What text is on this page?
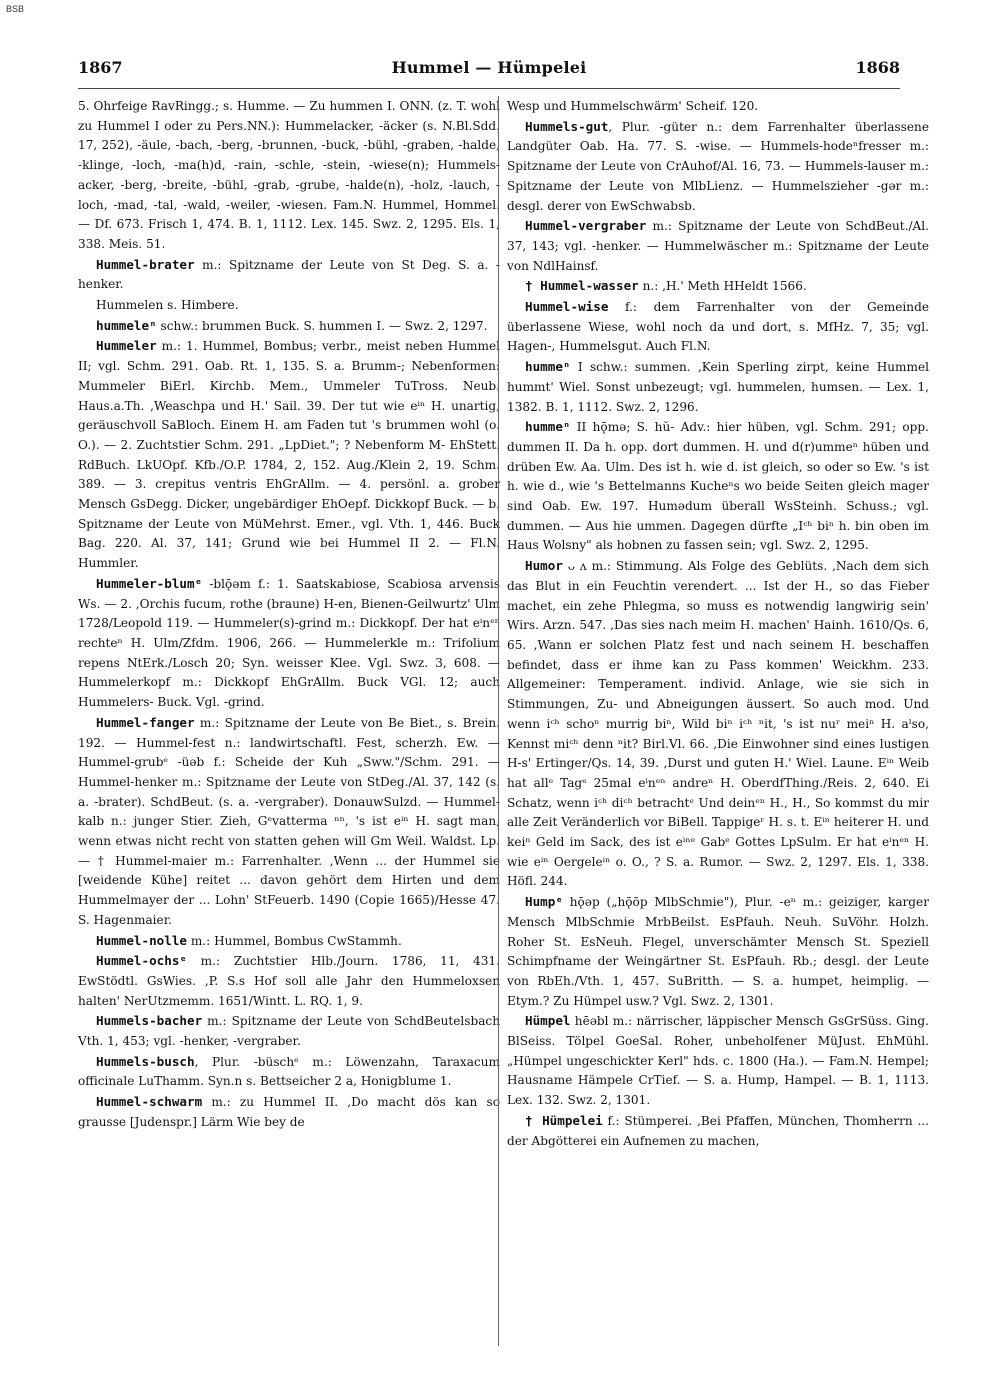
BSB
1867	Hummel — Hümpelei	1868

5. Ohrfeige RavRingg.; s. Humme. — Zu hummen I. ONN. (z. T. wohl zu Hummel I oder zu Pers.NN.): Hummelacker, -äcker (s. N.Bl.Sdd. 17, 252), -äule, -bach, -berg, -brunnen, -buck, -bühl, -graben, -halde, -klinge, -loch, -ma(h)d, -rain, -schle, -stein, -wiese(n); Hummels-acker, -berg, -breite, -bühl, -grab, -grube, -halde(n), -holz, -lauch, -loch, -mad, -tal, -wald, -weiler, -wiesen. Fam.N. Hummel, Hommel. — Df. 673. Frisch 1, 474. B. 1, 1112. Lex. 145. Swz. 2, 1295. Els. 1, 338. Meis. 51.

Hummel-brater m.: Spitzname der Leute von St Deg. S. a. -henker.

Hummelen s. Himbere.

hummeleⁿ schw.: brummen Buck. S. hummen I. — Swz. 2, 1297.

Hummeler m.: 1. Hummel, Bombus; verbr., meist neben Hummel II; vgl. Schm. 291. Oab. Rt. 1, 135. S. a. Brumm-; Nebenformen: Mummeler BiErl. Kirchb. Mem., Ummeler TuTross. Neub. Haus.a.Th. ,Weaschpa und H.' Sail. 39. Der tut wie eⁱⁿ H. unartig, geräuschvoll SaBloch. Einem H. am Faden tut 's brummen wohl (o. O.). — 2. Zuchtstier Schm. 291. „LpDiet."; ? Nebenform M- EhStett. RdBuch. LkUOpf. Kfb./O.P. 1784, 2, 152. Aug./Klein 2, 19. Schm. 389. — 3. crepitus ventris EhGrAllm. — 4. persönl. a. grober Mensch GsDegg. Dicker, ungebärdiger EhOepf. Dickkopf Buck. — b. Spitzname der Leute von MüMehrst. Emer., vgl. Vth. 1, 446. Buck Bag. 220. Al. 37, 141; Grund wie bei Hummel II 2. — Fl.N. Hummler.

Hummeler-blumᵉ -blǭəm f.: 1. Saatskabiose, Scabiosa arvensis Ws. — 2. ,Orchis fucum, rothe (braune) H-en, Bienen-Geilwurtz' Ulm 1728/Leopold 119. — Hummeler(s)-grind m.: Dickkopf. Der hat eⁱnᵉⁿ rechteⁿ H. Ulm/Zfdm. 1906, 266. — Hummelerkle m.: Trifolium repens NtErk./Losch 20; Syn. weisser Klee. Vgl. Swz. 3, 608. — Hummelerkopf m.: Dickkopf EhGrAllm. Buck VGl. 12; auch Hummelers- Buck. Vgl. -grind.

Hummel-fanger m.: Spitzname der Leute von Be Biet., s. Brein. 192. — Hummel-fest n.: landwirtschaftl. Fest, scherzh. Ew. — Hummel-grubᵉ -üəb f.: Scheide der Kuh „Sww."/Schm. 291. — Hummel-henker m.: Spitzname der Leute von StDeg./Al. 37, 142 (s. a. -brater). SchdBeut. (s. a. -vergraber). DonauwSulzd. — Hummel-kalb n.: junger Stier. Zieh, Gᵉvatterma ⁿⁿ, 's ist eⁱⁿ H. sagt man, wenn etwas nicht recht von statten gehen will Gm Weil. Waldst. Lp. — † Hummel-maier m.: Farrenhalter. ,Wenn ... der Hummel sie [weidende Kühe] reitet ... davon gehört dem Hirten und dem Hummelmayer der ... Lohn' StFeuerb. 1490 (Copie 1665)/Hesse 47. S. Hagenmaier.

Hummel-nolle m.: Hummel, Bombus CwStammh.

Hummel-ochsᵉ m.: Zuchtstier Hlb./Journ. 1786, 11, 431. EwStödtl. GsWies. ,P. S.s Hof soll alle Jahr den Hummeloxsen halten' NerUtzmemm. 1651/Wintt. L. RQ. 1, 9.

Hummels-bacher m.: Spitzname der Leute von SchdBeutelsbach Vth. 1, 453; vgl. -henker, -vergraber.

Hummels-busch, Plur. -büschᵉ m.: Löwenzahn, Taraxacum officinale LuThamm. Syn.n s. Bettseicher 2 a, Honigblume 1.

Hummel-schwarm m.: zu Hummel II. ,Do macht dös kan so grausse [Judenspr.] Lärm Wie bey de

Wesp und Hummelschwärm' Scheif. 120.

Hummels-gut, Plur. -güter n.: dem Farrenhalter überlassene Landgüter Oab. Ha. 77. S. -wise. — Hummels-hodeⁿfresser m.: Spitzname der Leute von CrAuhof/Al. 16, 73. — Hummels-lauser m.: Spitzname der Leute von MlbLienz. — Hummelszieher -gər m.: desgl. derer von EwSchwabsb.

Hummel-vergraber m.: Spitzname der Leute von SchdBeut./Al. 37, 143; vgl. -henker. — Hummelwäscher m.: Spitzname der Leute von NdlHainsf.

† Hummel-wasser n.: ,H.' Meth HHeldt 1566.

Hummel-wise f.: dem Farrenhalter von der Gemeinde überlassene Wiese, wohl noch da und dort, s. MfHz. 7, 35; vgl. Hagen-, Hummelsgut. Auch Fl.N.

hummeⁿ I schw.: summen. ,Kein Sperling zirpt, keine Hummel hummt' Wiel. Sonst unbezeugt; vgl. hummelen, humsen. — Lex. 1, 1382. B. 1, 1112. Swz. 2, 1296.

hummeⁿ II hǭmə; S. hŭ- Adv.: hier hüben, vgl. Schm. 291; opp. dummen II. Da h. opp. dort dummen. H. und d(r)ummeⁿ hüben und drüben Ew. Aa. Ulm. Des ist h. wie d. ist gleich, so oder so Ew. 's ist h. wie d., wie 's Bettelmanns Kucheⁿs wo beide Seiten gleich mager sind Oab. Ew. 197. Humədum überall WsSteinh. Schuss.; vgl. dummen. — Aus hie ummen. Dagegen dürfte „Iᶜʰ biⁿ h. bin oben im Haus Wolsny" als hobnen zu fassen sein; vgl. Swz. 2, 1295.

Humor ᴗ ᴧ m.: Stimmung. Als Folge des Geblüts. ,Nach dem sich das Blut in ein Feuchtin verendert. ... Ist der H., so das Fieber machet, ein zehe Phlegma, so muss es notwendig langwirig sein' Wirs. Arzn. 547. ,Das sies nach meim H. machen' Hainh. 1610/Qs. 6, 65. ,Wann er solchen Platz fest und nach seinem H. beschaffen befindet, dass er ihme kan zu Pass kommen' Weickhm. 233. Allgemeiner: Temperament. individ. Anlage, wie sie sich in Stimmungen, Zu- und Abneigungen äussert. So auch mod. Und wenn iᶜʰ schoⁿ murrig biⁿ, Wild biⁿ iᶜʰ ⁿit, 's ist nuʳ meiⁿ H. aˡso, Kennst miᶜʰ denn ⁿit? Birl.Vl. 66. ,Die Einwohner sind eines lustigen H-s' Ertinger/Qs. 14, 39. ,Durst und guten H.' Wiel. Laune. Eⁱⁿ Weib hat allᵉ Tagᵉ 25mal eⁱnᵉⁿ andreⁿ H. OberdfThing./Reis. 2, 640. Ei Schatz, wenn iᶜʰ diᶜʰ betrachtᵉ Und deinᵉⁿ H., H., So kommst du mir alle Zeit Veränderlich vor BiBell. Tappigeʳ H. s. t. Eⁱⁿ heiterer H. und keiⁿ Geld im Sack, des ist eⁱⁿᵉ Gabᵉ Gottes LpSulm. Er hat eⁱnᵉⁿ H. wie eⁱⁿ Oergeleⁱⁿ o. O., ? S. a. Rumor. — Swz. 2, 1297. Els. 1, 338. Höfl. 244.

Humpᵉ hǭəp („hǭōp MlbSchmie"), Plur. -eⁿ m.: geiziger, karger Mensch MlbSchmie MrbBeilst. EsPfauh. Neuh. SuVöhr. Holzh. Roher St. EsNeuh. Flegel, unverschämter Mensch St. Speziell Schimpfname der Weingärtner St. EsPfauh. Rb.; desgl. der Leute von RbEh./Vth. 1, 457. SuBritth. — S. a. humpet, heimplig. — Etym.? Zu Hümpel usw.? Vgl. Swz. 2, 1301.

Hümpel hēəbl m.: närrischer, läppischer Mensch GsGrSüss. Ging. BlSeiss. Tölpel GoeSal. Roher, unbeholfener MüJust. EhMühl. „Hümpel ungeschickter Kerl" hds. c. 1800 (Ha.). — Fam.N. Hempel; Hausname Hämpele CrTief. — S. a. Hump, Hampel. — B. 1, 1113. Lex. 132. Swz. 2, 1301.

† Hümpelei f.: Stümperei. ,Bei Pfaffen, München, Thomherrn ... der Abgötterei ein Aufnemen zu machen,
